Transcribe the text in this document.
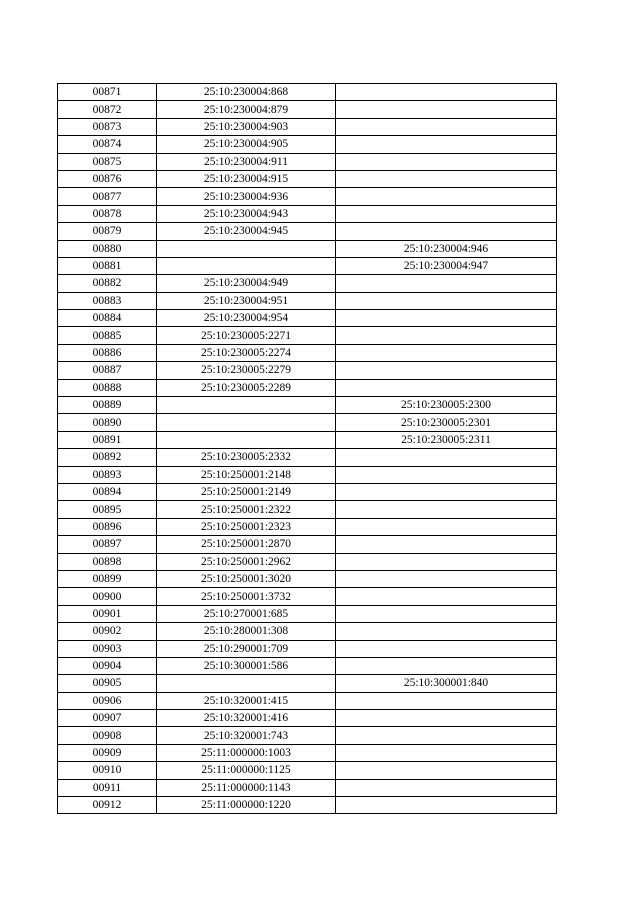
00871	25:10:230004:868	
00872	25:10:230004:879	
00873	25:10:230004:903	
00874	25:10:230004:905	
00875	25:10:230004:911	
00876	25:10:230004:915	
00877	25:10:230004:936	
00878	25:10:230004:943	
00879	25:10:230004:945	
00880		25:10:230004:946
00881		25:10:230004:947
00882	25:10:230004:949	
00883	25:10:230004:951	
00884	25:10:230004:954	
00885	25:10:230005:2271	
00886	25:10:230005:2274	
00887	25:10:230005:2279	
00888	25:10:230005:2289	
00889		25:10:230005:2300
00890		25:10:230005:2301
00891		25:10:230005:2311
00892	25:10:230005:2332	
00893	25:10:250001:2148	
00894	25:10:250001:2149	
00895	25:10:250001:2322	
00896	25:10:250001:2323	
00897	25:10:250001:2870	
00898	25:10:250001:2962	
00899	25:10:250001:3020	
00900	25:10:250001:3732	
00901	25:10:270001:685	
00902	25:10:280001:308	
00903	25:10:290001:709	
00904	25:10:300001:586	
00905		25:10:300001:840
00906	25:10:320001:415	
00907	25:10:320001:416	
00908	25:10:320001:743	
00909	25:11:000000:1003	
00910	25:11:000000:1125	
00911	25:11:000000:1143	
00912	25:11:000000:1220	
